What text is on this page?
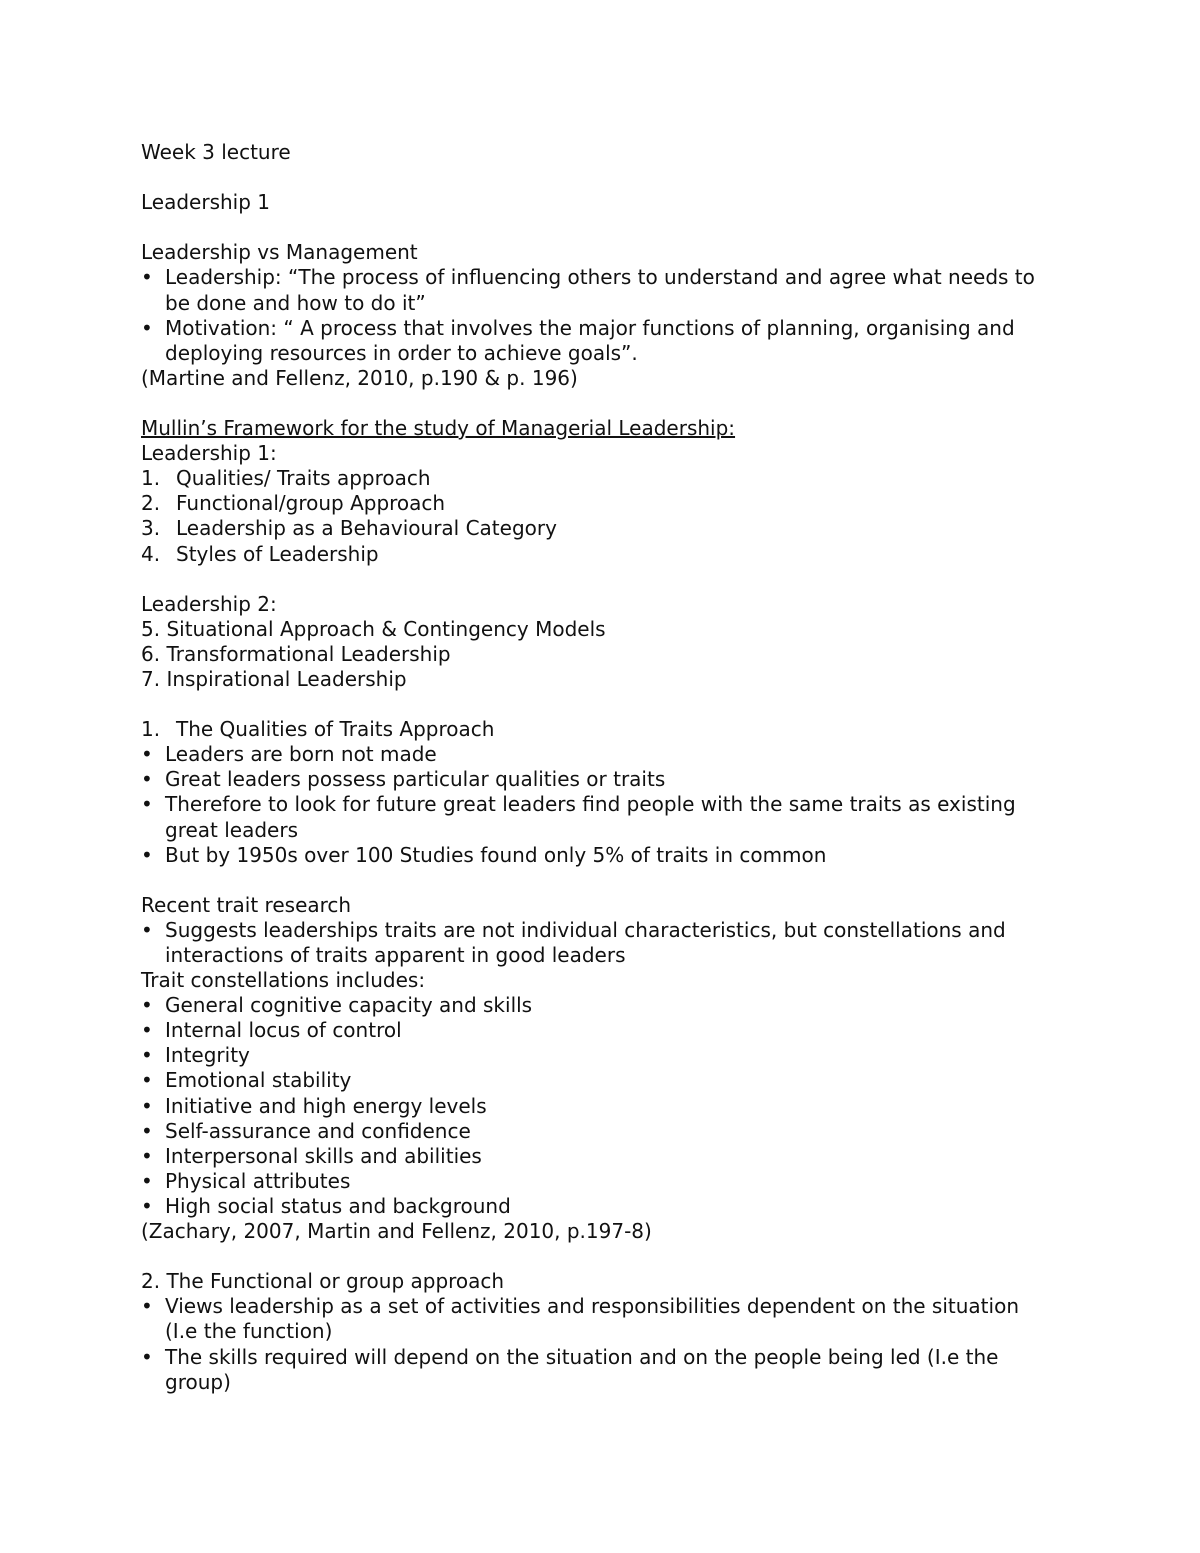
Week 3 lecture
Leadership 1
Leadership vs Management
• Leadership: “The process of influencing others to understand and agree what needs to be done and how to do it”
• Motivation: “ A process that involves the major functions of planning, organising and deploying resources in order to achieve goals”.
(Martine and Fellenz, 2010, p.190 & p. 196)
Mullin’s Framework for the study of Managerial Leadership:
Leadership 1:
1. Qualities/ Traits approach
2. Functional/group Approach
3. Leadership as a Behavioural Category
4. Styles of Leadership
Leadership 2:
5. Situational Approach & Contingency Models
6. Transformational Leadership
7. Inspirational Leadership
1. The Qualities of Traits Approach
• Leaders are born not made
• Great leaders possess particular qualities or traits
• Therefore to look for future great leaders find people with the same traits as existing great leaders
• But by 1950s over 100 Studies found only 5% of traits in common
Recent trait research
• Suggests leaderships traits are not individual characteristics, but constellations and interactions of traits apparent in good leaders
Trait constellations includes:
• General cognitive capacity and skills
• Internal locus of control
• Integrity
• Emotional stability
• Initiative and high energy levels
• Self-assurance and confidence
• Interpersonal skills and abilities
• Physical attributes
• High social status and background
(Zachary, 2007, Martin and Fellenz, 2010, p.197-8)
2. The Functional or group approach
• Views leadership as a set of activities and responsibilities dependent on the situation (I.e the function)
• The skills required will depend on the situation and on the people being led (I.e the group)
